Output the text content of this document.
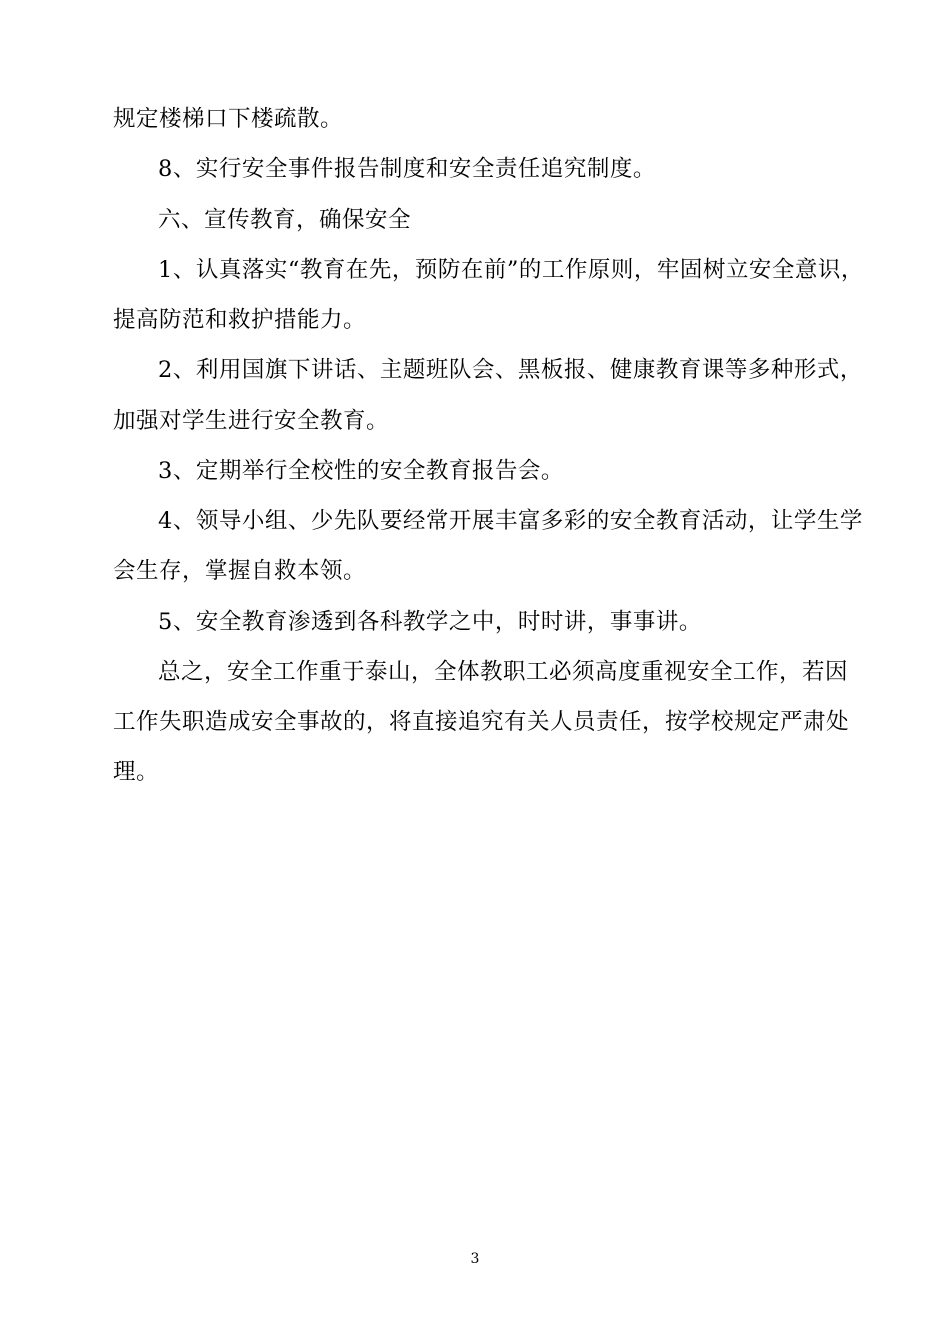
规定楼梯口下楼疏散。
8、实行安全事件报告制度和安全责任追究制度。
六、宣传教育，确保安全
1、认真落实“教育在先，预防在前”的工作原则，牢固树立安全意识，
提高防范和救护措能力。
2、利用国旗下讲话、主题班队会、黑板报、健康教育课等多种形式，
加强对学生进行安全教育。
3、定期举行全校性的安全教育报告会。
4、领导小组、少先队要经常开展丰富多彩的安全教育活动，让学生学
会生存，掌握自救本领。
5、安全教育渗透到各科教学之中，时时讲，事事讲。
总之，安全工作重于泰山，全体教职工必须高度重视安全工作，若因
工作失职造成安全事故的，将直接追究有关人员责任，按学校规定严肃处
理。
3
